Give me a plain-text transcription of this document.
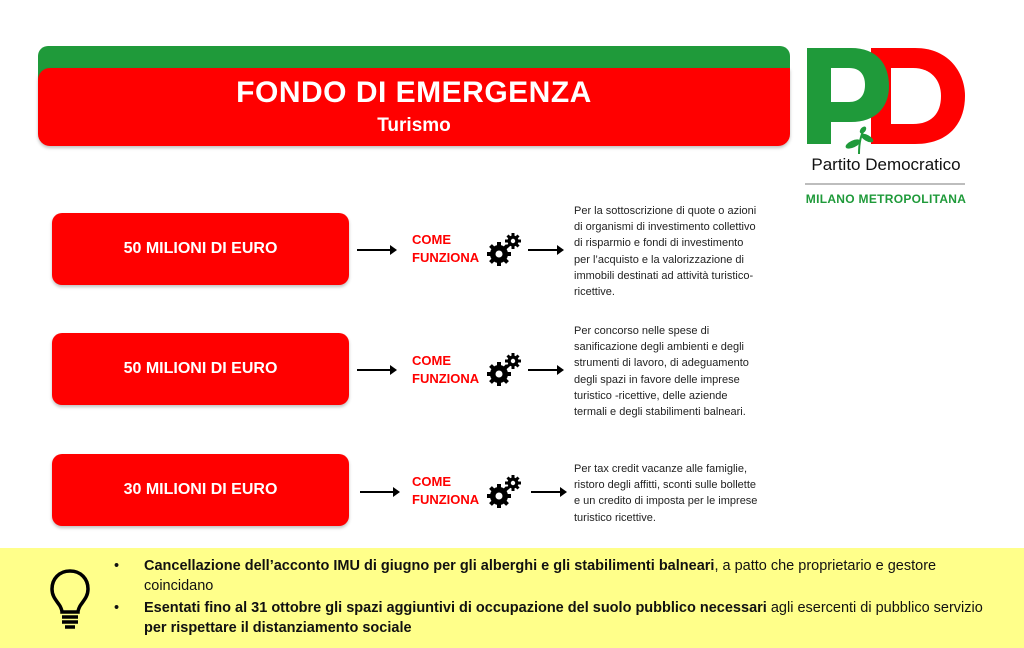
FONDO DI EMERGENZA
Turismo
Partito Democratico
MILANO METROPOLITANA
50 MILIONI DI EURO
COME
FUNZIONA
Per la sottoscrizione di quote o azioni
di organismi di investimento collettivo
di risparmio e fondi di investimento
per l’acquisto e la valorizzazione di
immobili destinati ad attività turistico-
ricettive.
50 MILIONI DI EURO	COME
FUNZIONA
Per concorso nelle spese di
sanificazione degli ambienti e degli
strumenti di lavoro, di adeguamento
degli spazi in favore delle imprese
turistico -ricettive, delle aziende
termali e degli stabilimenti balneari.
30 MILIONI DI EURO	COME
FUNZIONA
Per tax credit vacanze alle famiglie,
ristoro degli affitti, sconti sulle bollette
e un credito di imposta per le imprese
turistico ricettive.
• Cancellazione dell’acconto IMU di giugno per gli alberghi e gli stabilimenti balneari, a patto che proprietario e gestore coincidano
• Esentati fino al 31 ottobre gli spazi aggiuntivi di occupazione del suolo pubblico necessari agli esercenti di pubblico servizio per rispettare il distanziamento sociale
